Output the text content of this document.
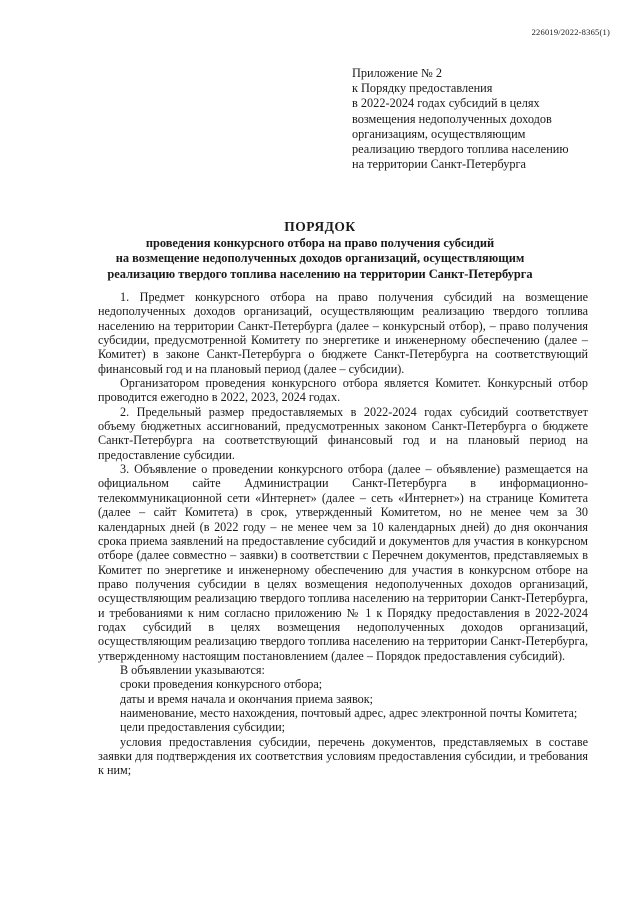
226019/2022-8365(1)
Приложение № 2
к Порядку предоставления
в 2022-2024 годах субсидий в целях
возмещения недополученных доходов
организациям, осуществляющим
реализацию твердого топлива населению
на территории Санкт-Петербурга
ПОРЯДОК
проведения конкурсного отбора на право получения субсидий
на возмещение недополученных доходов организаций, осуществляющим
реализацию твердого топлива населению на территории Санкт-Петербурга

1. Предмет конкурсного отбора на право получения субсидий на возмещение недополученных доходов организаций, осуществляющим реализацию твердого топлива населению на территории Санкт-Петербурга (далее – конкурсный отбор), – право получения субсидии, предусмотренной Комитету по энергетике и инженерному обеспечению (далее – Комитет) в законе Санкт-Петербурга о бюджете Санкт-Петербурга на соответствующий финансовый год и на плановый период (далее – субсидии).

Организатором проведения конкурсного отбора является Комитет. Конкурсный отбор проводится ежегодно в 2022, 2023, 2024 годах.

2. Предельный размер предоставляемых в 2022-2024 годах субсидий соответствует объему бюджетных ассигнований, предусмотренных законом Санкт-Петербурга о бюджете Санкт-Петербурга на соответствующий финансовый год и на плановый период на предоставление субсидии.

3. Объявление о проведении конкурсного отбора (далее – объявление) размещается на официальном сайте Администрации Санкт-Петербурга в информационно-телекоммуникационной сети «Интернет» (далее – сеть «Интернет») на странице Комитета (далее – сайт Комитета) в срок, утвержденный Комитетом, но не менее чем за 30 календарных дней (в 2022 году – не менее чем за 10 календарных дней) до дня окончания срока приема заявлений на предоставление субсидий и документов для участия в конкурсном отборе (далее совместно – заявки) в соответствии с Перечнем документов, представляемых в Комитет по энергетике и инженерному обеспечению для участия в конкурсном отборе на право получения субсидии в целях возмещения недополученных доходов организаций, осуществляющим реализацию твердого топлива населению на территории Санкт-Петербурга, и требованиями к ним согласно приложению № 1 к Порядку предоставления в 2022-2024 годах субсидий в целях возмещения недополученных доходов организаций, осуществляющим реализацию твердого топлива населению на территории Санкт-Петербурга, утвержденному настоящим постановлением (далее – Порядок предоставления субсидий).

В объявлении указываются:

сроки проведения конкурсного отбора;

даты и время начала и окончания приема заявок;

наименование, место нахождения, почтовый адрес, адрес электронной почты Комитета;

цели предоставления субсидии;

условия предоставления субсидии, перечень документов, представляемых в составе заявки для подтверждения их соответствия условиям предоставления субсидии, и требования к ним;
